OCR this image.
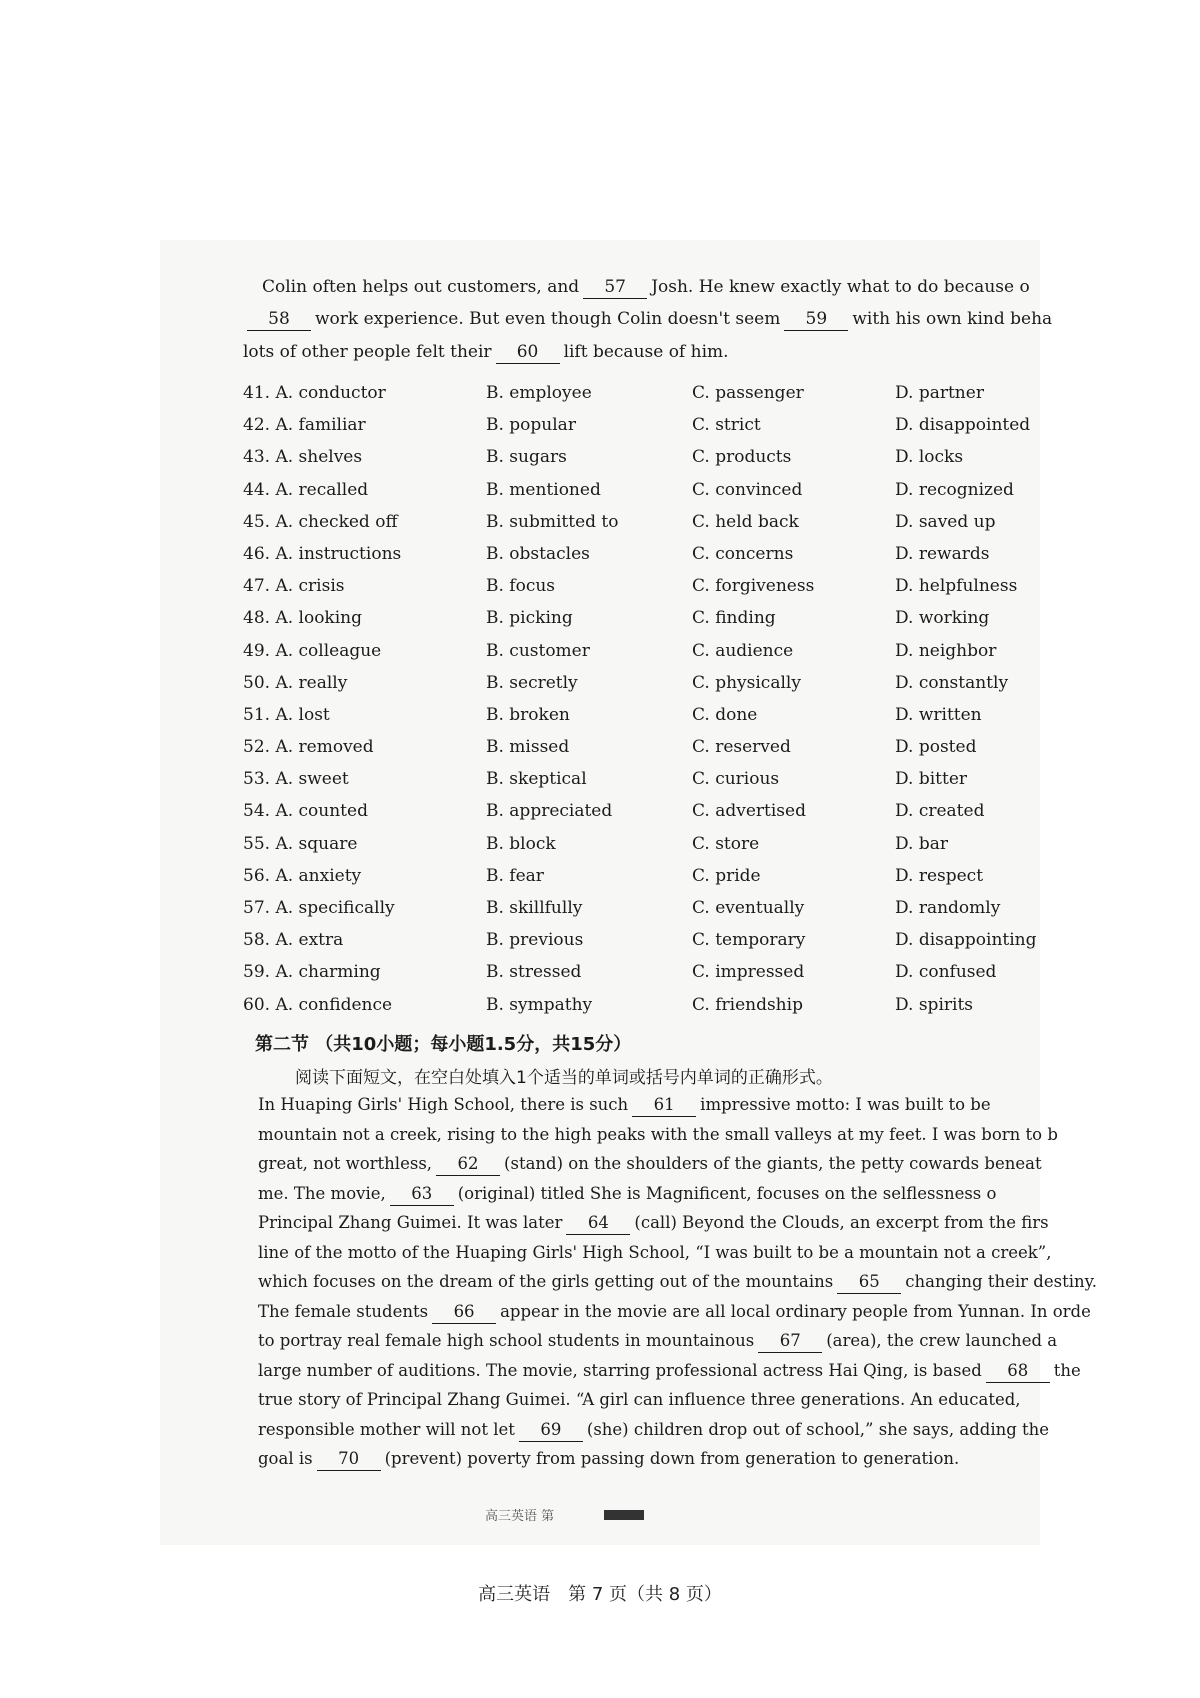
Colin often helps out customers, and 57 Josh. He knew exactly what to do because o
58 work experience. But even though Colin doesn't seem 59 with his own kind beha
lots of other people felt their 60 lift because of him.
41. A. conductor	B. employee	C. passenger	D. partner
42. A. familiar	B. popular	C. strict	D. disappointed
43. A. shelves	B. sugars	C. products	D. locks
44. A. recalled	B. mentioned	C. convinced	D. recognized
45. A. checked off	B. submitted to	C. held back	D. saved up
46. A. instructions	B. obstacles	C. concerns	D. rewards
47. A. crisis	B. focus	C. forgiveness	D. helpfulness
48. A. looking	B. picking	C. finding	D. working
49. A. colleague	B. customer	C. audience	D. neighbor
50. A. really	B. secretly	C. physically	D. constantly
51. A. lost	B. broken	C. done	D. written
52. A. removed	B. missed	C. reserved	D. posted
53. A. sweet	B. skeptical	C. curious	D. bitter
54. A. counted	B. appreciated	C. advertised	D. created
55. A. square	B. block	C. store	D. bar
56. A. anxiety	B. fear	C. pride	D. respect
57. A. specifically	B. skillfully	C. eventually	D. randomly
58. A. extra	B. previous	C. temporary	D. disappointing
59. A. charming	B. stressed	C. impressed	D. confused
60. A. confidence	B. sympathy	C. friendship	D. spirits
第二节 （共10小题；每小题1.5分，共15分）
阅读下面短文，在空白处填入1个适当的单词或括号内单词的正确形式。
In Huaping Girls' High School, there is such 61 impressive motto: I was built to be
mountain not a creek, rising to the high peaks with the small valleys at my feet. I was born to b
great, not worthless, 62 (stand) on the shoulders of the giants, the petty cowards beneat
me. The movie, 63 (original) titled She is Magnificent, focuses on the selflessness o
Principal Zhang Guimei. It was later 64 (call) Beyond the Clouds, an excerpt from the firs
line of the motto of the Huaping Girls' High School, “I was built to be a mountain not a creek”,
which focuses on the dream of the girls getting out of the mountains 65 changing their destiny.
The female students 66 appear in the movie are all local ordinary people from Yunnan. In orde
to portray real female high school students in mountainous 67 (area), the crew launched a
large number of auditions. The movie, starring professional actress Hai Qing, is based 68 the
true story of Principal Zhang Guimei. “A girl can influence three generations. An educated,
responsible mother will not let 69 (she) children drop out of school,” she says, adding the
goal is 70 (prevent) poverty from passing down from generation to generation.
高三英语 第
高三英语　第 7 页（共 8 页）
